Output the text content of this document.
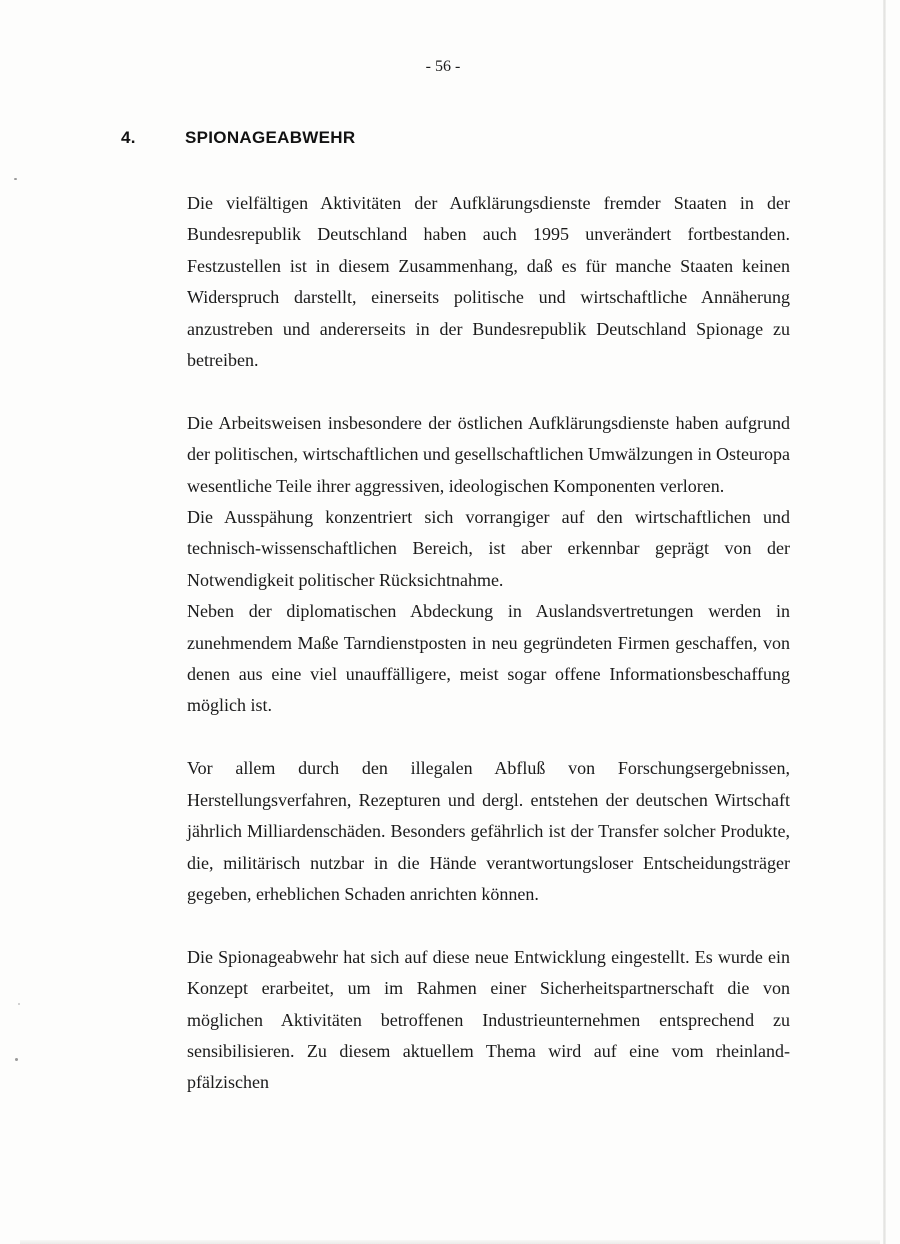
- 56 -
4.	SPIONAGEABWEHR

Die vielfältigen Aktivitäten der Aufklärungsdienste fremder Staaten in der Bundesrepublik Deutschland haben auch 1995 unverändert fortbestanden. Festzustellen ist in diesem Zusammenhang, daß es für manche Staaten keinen Widerspruch darstellt, einerseits politische und wirtschaftliche Annäherung anzustreben und andererseits in der Bundesrepublik Deutschland Spionage zu betreiben.

Die Arbeitsweisen insbesondere der östlichen Aufklärungsdienste haben aufgrund der politischen, wirtschaftlichen und gesellschaftlichen Umwälzungen in Osteuropa wesentliche Teile ihrer aggressiven, ideologischen Komponenten verloren.

Die Ausspähung konzentriert sich vorrangiger auf den wirtschaftlichen und technisch-wissenschaftlichen Bereich, ist aber erkennbar geprägt von der Notwendigkeit politischer Rücksichtnahme.

Neben der diplomatischen Abdeckung in Auslandsvertretungen werden in zunehmendem Maße Tarndienstposten in neu gegründeten Firmen geschaffen, von denen aus eine viel unauffälligere, meist sogar offene Informationsbeschaffung möglich ist.

Vor allem durch den illegalen Abfluß von Forschungsergebnissen, Herstellungsverfahren, Rezepturen und dergl. entstehen der deutschen Wirtschaft jährlich Milliardenschäden. Besonders gefährlich ist der Transfer solcher Produkte, die, militärisch nutzbar in die Hände verantwortungsloser Entscheidungsträger gegeben, erheblichen Schaden anrichten können.

Die Spionageabwehr hat sich auf diese neue Entwicklung eingestellt. Es wurde ein Konzept erarbeitet, um im Rahmen einer Sicherheitspartnerschaft die von möglichen Aktivitäten betroffenen Industrieunternehmen entsprechend zu sensibilisieren. Zu diesem aktuellem Thema wird auf eine vom rheinland-pfälzischen
